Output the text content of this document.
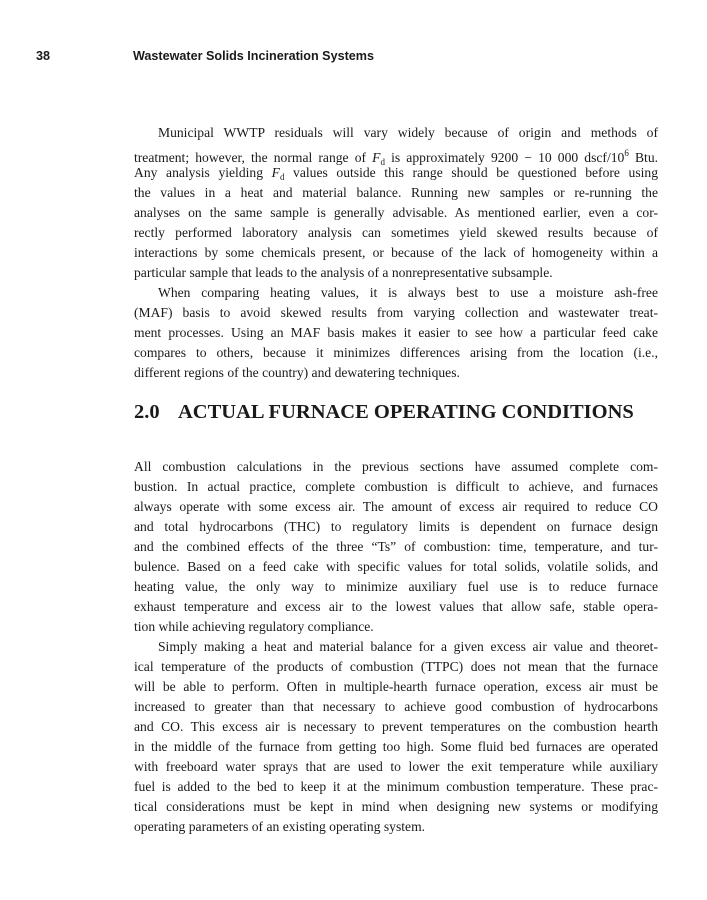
38	Wastewater Solids Incineration Systems
Municipal WWTP residuals will vary widely because of origin and methods of
treatment; however, the normal range of $F_d$ is approximately 9200 − 10 000 dscf/$10^6$ Btu.
Any analysis yielding $F_d$ values outside this range should be questioned before using
the values in a heat and material balance. Running new samples or re-running the
analyses on the same sample is generally advisable. As mentioned earlier, even a cor-
rectly performed laboratory analysis can sometimes yield skewed results because of
interactions by some chemicals present, or because of the lack of homogeneity within a
particular sample that leads to the analysis of a nonrepresentative subsample.
When comparing heating values, it is always best to use a moisture ash-free
(MAF) basis to avoid skewed results from varying collection and wastewater treat-
ment processes. Using an MAF basis makes it easier to see how a particular feed cake
compares to others, because it minimizes differences arising from the location (i.e.,
different regions of the country) and dewatering techniques.
2.0 ACTUAL FURNACE OPERATING CONDITIONS
All combustion calculations in the previous sections have assumed complete com-
bustion. In actual practice, complete combustion is difficult to achieve, and furnaces
always operate with some excess air. The amount of excess air required to reduce CO
and total hydrocarbons (THC) to regulatory limits is dependent on furnace design
and the combined effects of the three “Ts” of combustion: time, temperature, and tur-
bulence. Based on a feed cake with specific values for total solids, volatile solids, and
heating value, the only way to minimize auxiliary fuel use is to reduce furnace
exhaust temperature and excess air to the lowest values that allow safe, stable opera-
tion while achieving regulatory compliance.
Simply making a heat and material balance for a given excess air value and theoret-
ical temperature of the products of combustion (TTPC) does not mean that the furnace
will be able to perform. Often in multiple-hearth furnace operation, excess air must be
increased to greater than that necessary to achieve good combustion of hydrocarbons
and CO. This excess air is necessary to prevent temperatures on the combustion hearth
in the middle of the furnace from getting too high. Some fluid bed furnaces are operated
with freeboard water sprays that are used to lower the exit temperature while auxiliary
fuel is added to the bed to keep it at the minimum combustion temperature. These prac-
tical considerations must be kept in mind when designing new systems or modifying
operating parameters of an existing operating system.
